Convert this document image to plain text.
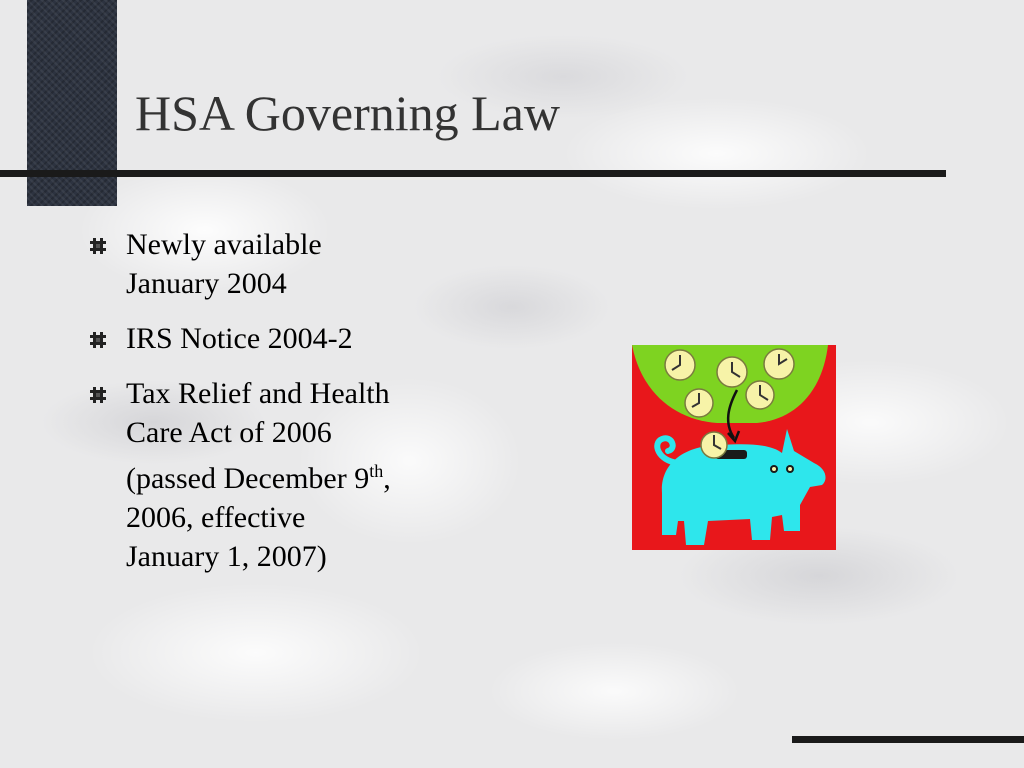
HSA Governing Law
Newly available
January 2004
IRS Notice 2004-2
Tax Relief and Health
Care Act of 2006
(passed December 9th,
2006, effective
January 1, 2007)
